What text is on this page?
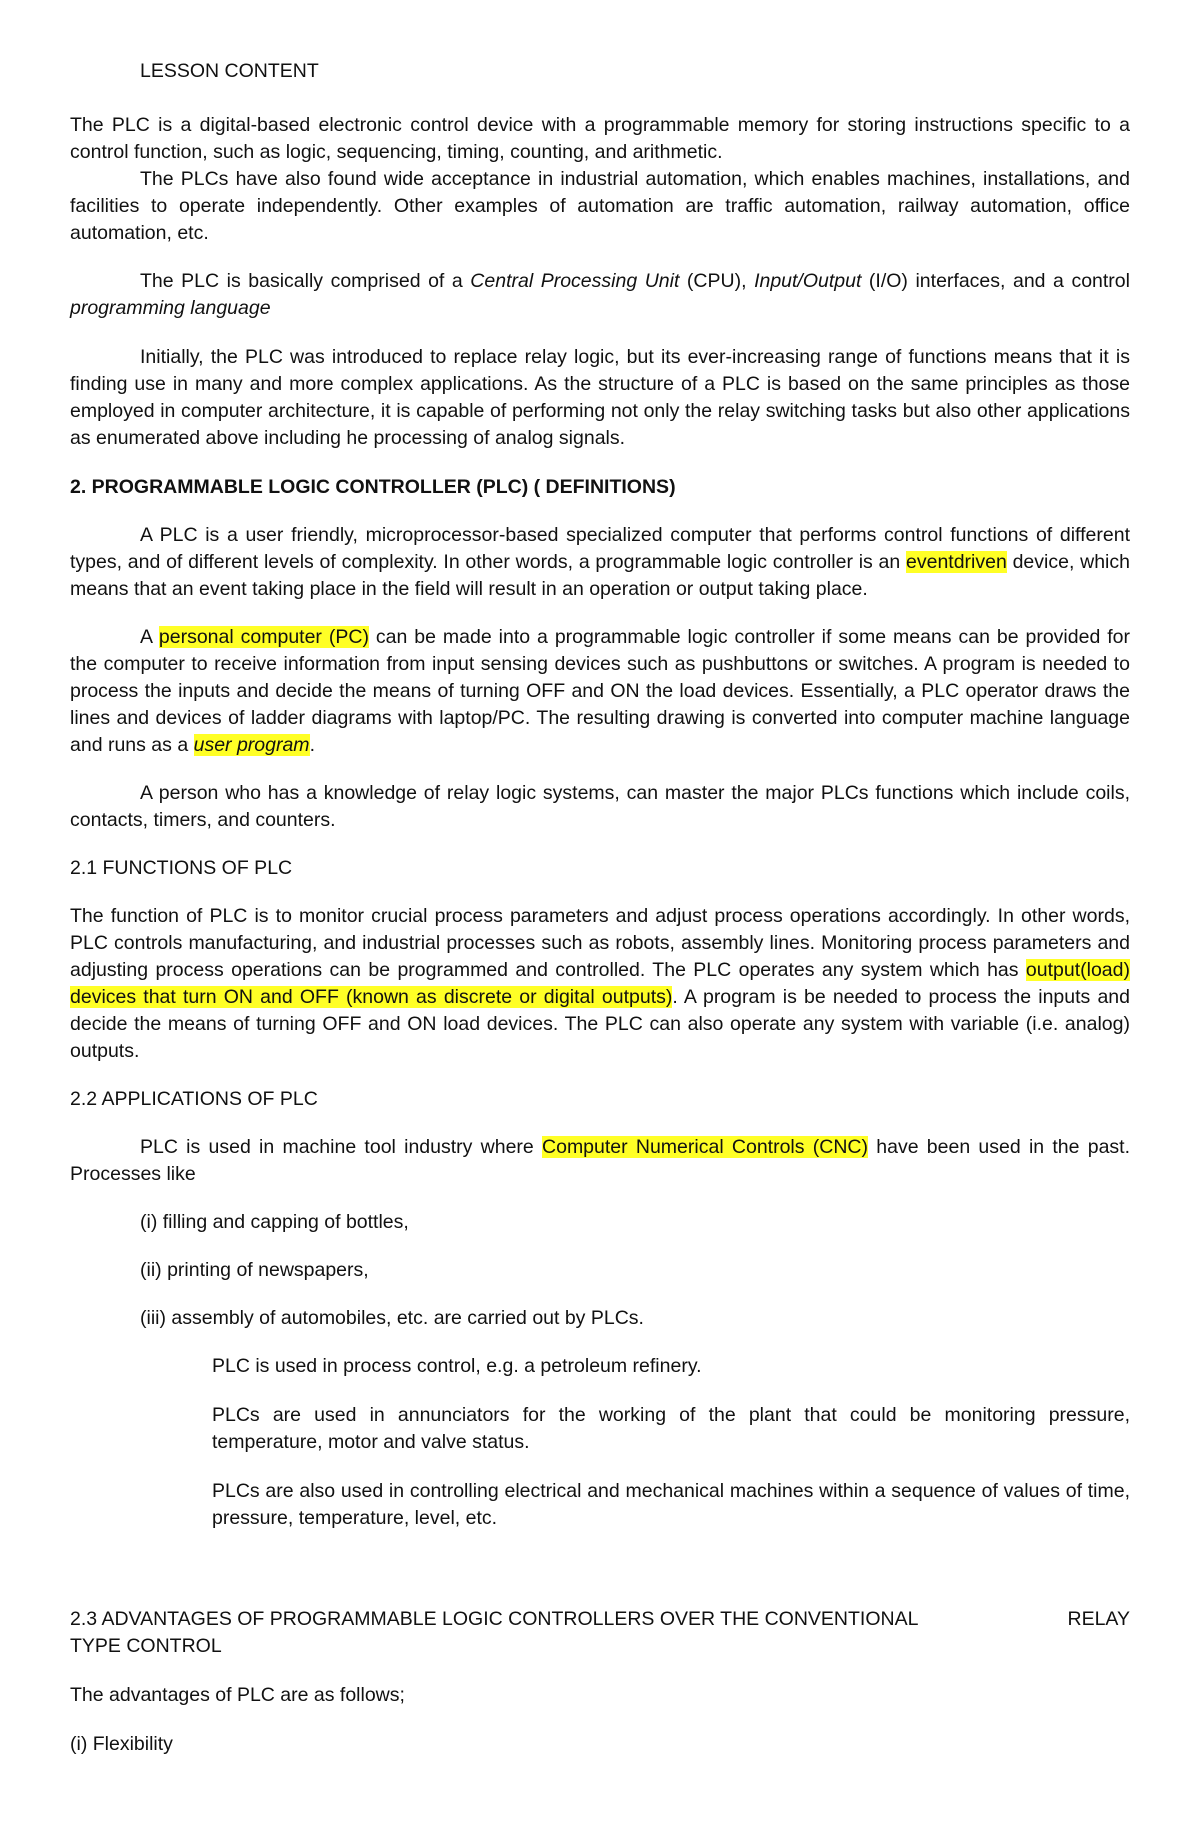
LESSON CONTENT

The PLC is a digital-based electronic control device with a programmable memory for storing instructions specific to a control function, such as logic, sequencing, timing, counting, and arithmetic.

The PLCs have also found wide acceptance in industrial automation, which enables machines, installations, and facilities to operate independently. Other examples of automation are traffic automation, railway automation, office automation, etc.

The PLC is basically comprised of a Central Processing Unit (CPU), Input/Output (I/O) interfaces, and a control programming language

Initially, the PLC was introduced to replace relay logic, but its ever-increasing range of functions means that it is finding use in many and more complex applications. As the structure of a PLC is based on the same principles as those employed in computer architecture, it is capable of performing not only the relay switching tasks but also other applications as enumerated above including he processing of analog signals.

2. PROGRAMMABLE LOGIC CONTROLLER (PLC) ( DEFINITIONS)

A PLC is a user friendly, microprocessor-based specialized computer that performs control functions of different types, and of different levels of complexity. In other words, a programmable logic controller is an eventdriven device, which means that an event taking place in the field will result in an operation or output taking place.

A personal computer (PC) can be made into a programmable logic controller if some means can be provided for the computer to receive information from input sensing devices such as pushbuttons or switches. A program is needed to process the inputs and decide the means of turning OFF and ON the load devices. Essentially, a PLC operator draws the lines and devices of ladder diagrams with laptop/PC. The resulting drawing is converted into computer machine language and runs as a user program.

A person who has a knowledge of relay logic systems, can master the major PLCs functions which include coils, contacts, timers, and counters.

2.1 FUNCTIONS OF PLC

The function of PLC is to monitor crucial process parameters and adjust process operations accordingly. In other words, PLC controls manufacturing, and industrial processes such as robots, assembly lines. Monitoring process parameters and adjusting process operations can be programmed and controlled. The PLC operates any system which has output(load) devices that turn ON and OFF (known as discrete or digital outputs). A program is be needed to process the inputs and decide the means of turning OFF and ON load devices. The PLC can also operate any system with variable (i.e. analog) outputs.

2.2 APPLICATIONS OF PLC

PLC is used in machine tool industry where Computer Numerical Controls (CNC) have been used in the past. Processes like

(i) filling and capping of bottles,

(ii) printing of newspapers,

(iii) assembly of automobiles, etc. are carried out by PLCs.

PLC is used in process control, e.g. a petroleum refinery.

PLCs are used in annunciators for the working of the plant that could be monitoring pressure, temperature, motor and valve status.

PLCs are also used in controlling electrical and mechanical machines within a sequence of values of time, pressure, temperature, level, etc.

2.3 ADVANTAGES OF PROGRAMMABLE LOGIC CONTROLLERS OVER THE CONVENTIONAL	RELAY

TYPE CONTROL

The advantages of PLC are as follows;

(i) Flexibility
